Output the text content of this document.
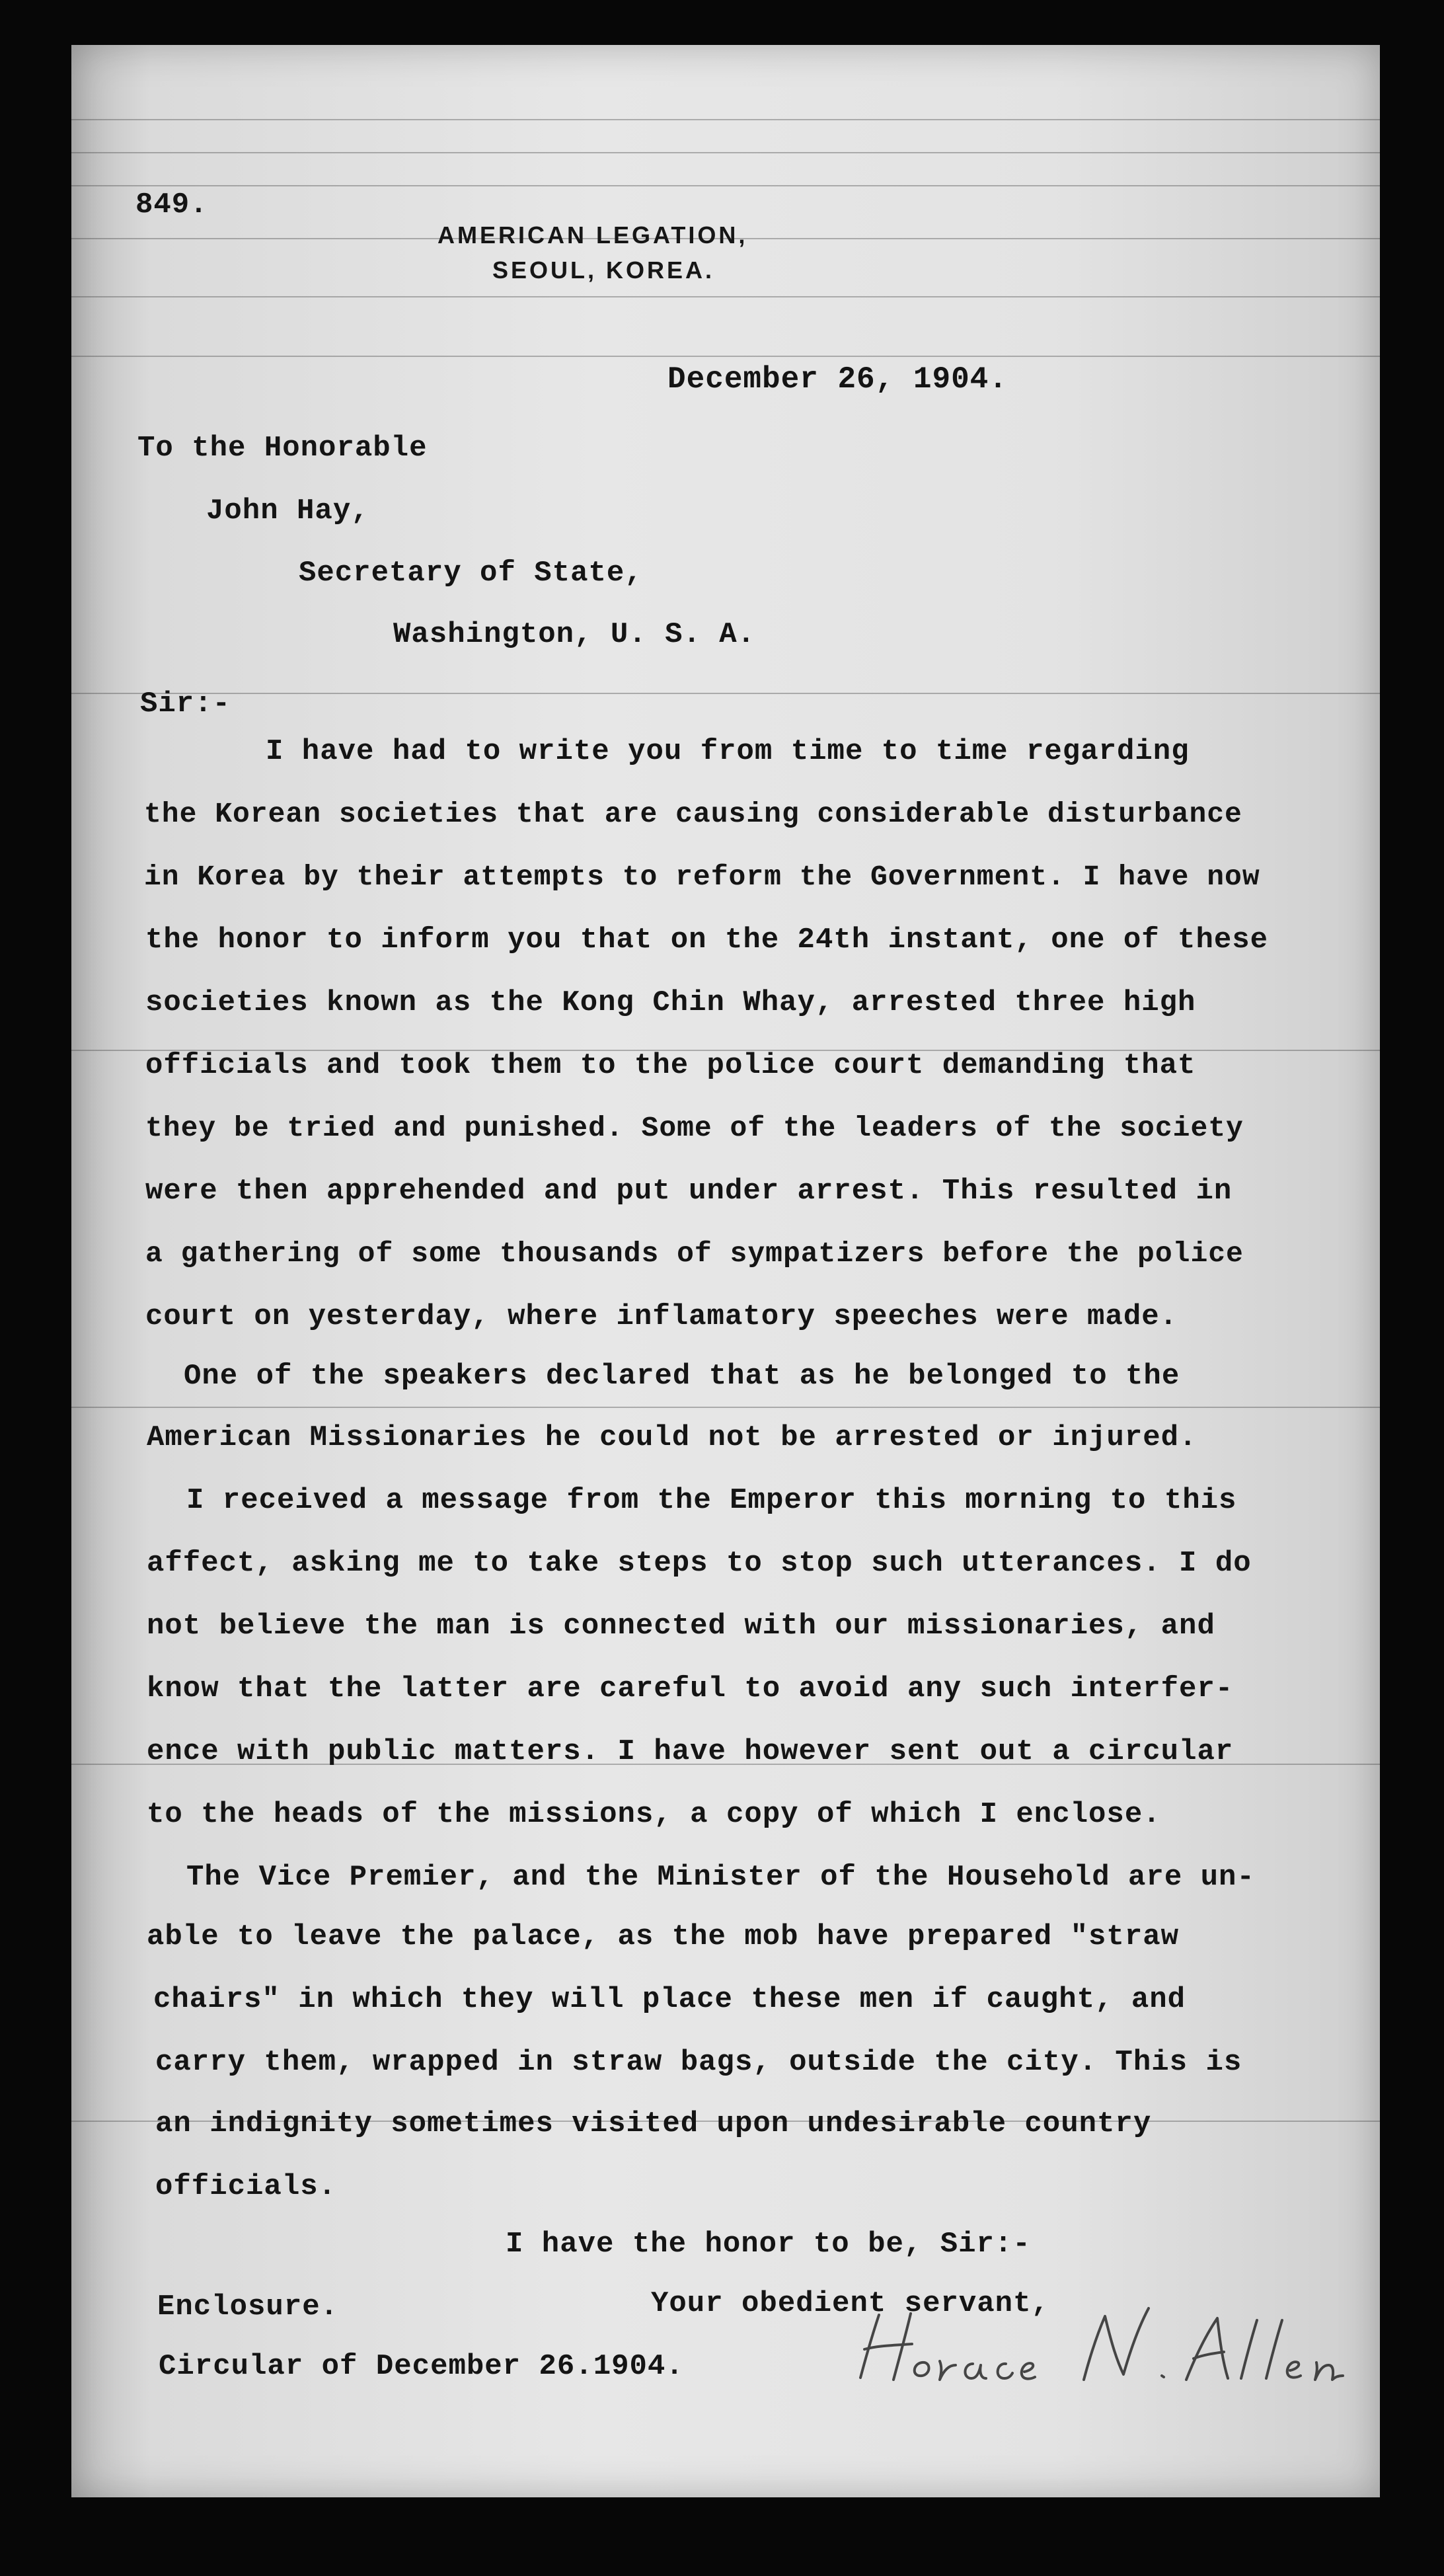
849.
AMERICAN LEGATION,
SEOUL, KOREA.
December 26, 1904.
To the Honorable
John Hay,
Secretary of State,
Washington, U. S. A.
Sir:-
I have had to write you from time to time regarding
the Korean societies that are causing considerable disturbance
in Korea by their attempts to reform the Government. I have now
the honor to inform you that on the 24th instant, one of these
societies known as the Kong Chin Whay, arrested three high
officials and took them to the police court demanding that
they be tried and punished. Some of the leaders of the society
were then apprehended and put under arrest. This resulted in
a gathering of some thousands of sympatizers before the police
court on yesterday, where inflamatory speeches were made.
One of the speakers declared that as he belonged to the
American Missionaries he could not be arrested or injured.
I received a message from the Emperor this morning to this
affect, asking me to take steps to stop such utterances. I do
not believe the man is connected with our missionaries, and
know that the latter are careful to avoid any such interfer-
ence with public matters. I have however sent out a circular
to the heads of the missions, a copy of which I enclose.
The Vice Premier, and the Minister of the Household are un-
able to leave the palace, as the mob have prepared "straw
chairs" in which they will place these men if caught, and
carry them, wrapped in straw bags, outside the city. This is
an indignity sometimes visited upon undesirable country
officials.
I have the honor to be, Sir:-
Your obedient servant,
Enclosure.
Circular of December 26.1904.
